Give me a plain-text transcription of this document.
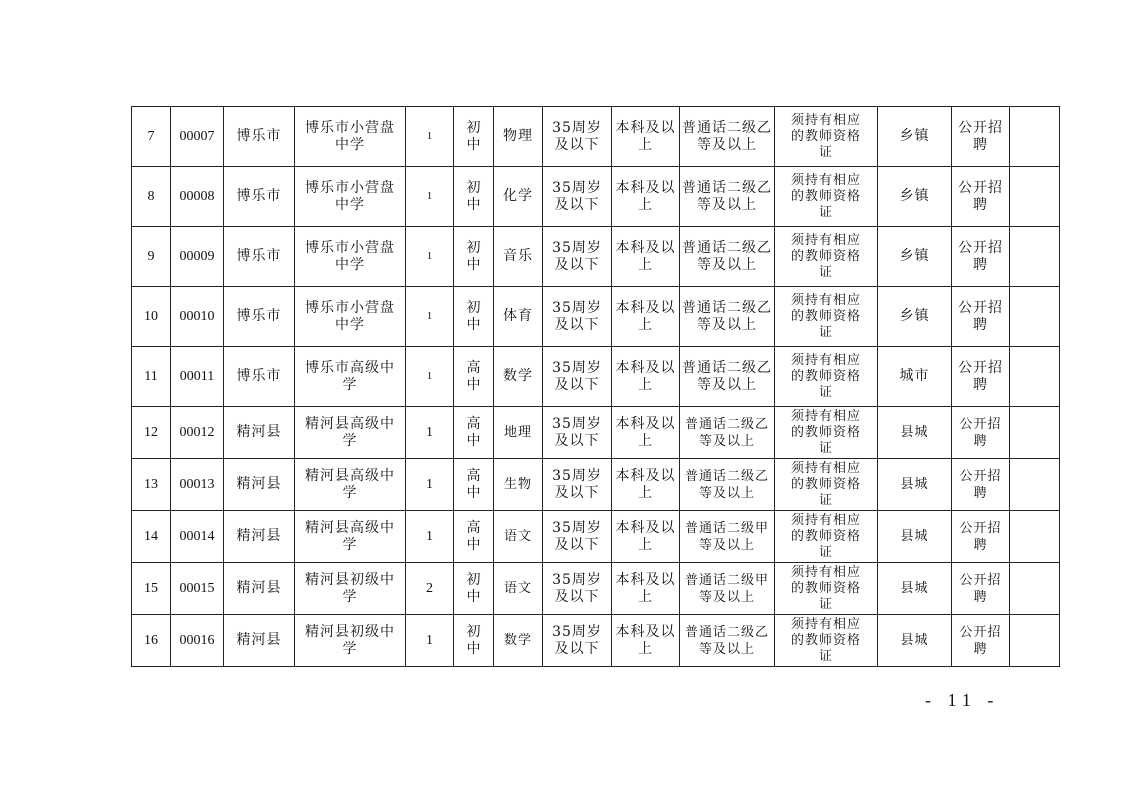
7	00007	博乐市	博乐市小营盘中学	1	初中	物理	35周岁及以下	本科及以上	普通话二级乙等及以上	须持有相应的教师资格证	乡镇	公开招聘	
8	00008	博乐市	博乐市小营盘中学	1	初中	化学	35周岁及以下	本科及以上	普通话二级乙等及以上	须持有相应的教师资格证	乡镇	公开招聘	
9	00009	博乐市	博乐市小营盘中学	1	初中	音乐	35周岁及以下	本科及以上	普通话二级乙等及以上	须持有相应的教师资格证	乡镇	公开招聘	
10	00010	博乐市	博乐市小营盘中学	1	初中	体育	35周岁及以下	本科及以上	普通话二级乙等及以上	须持有相应的教师资格证	乡镇	公开招聘	
11	00011	博乐市	博乐市高级中学	1	高中	数学	35周岁及以下	本科及以上	普通话二级乙等及以上	须持有相应的教师资格证	城市	公开招聘	
12	00012	精河县	精河县高级中学	1	高中	地理	35周岁及以下	本科及以上	普通话二级乙等及以上	须持有相应的教师资格证	县城	公开招聘	
13	00013	精河县	精河县高级中学	1	高中	生物	35周岁及以下	本科及以上	普通话二级乙等及以上	须持有相应的教师资格证	县城	公开招聘	
14	00014	精河县	精河县高级中学	1	高中	语文	35周岁及以下	本科及以上	普通话二级甲等及以上	须持有相应的教师资格证	县城	公开招聘	
15	00015	精河县	精河县初级中学	2	初中	语文	35周岁及以下	本科及以上	普通话二级甲等及以上	须持有相应的教师资格证	县城	公开招聘	
16	00016	精河县	精河县初级中学	1	初中	数学	35周岁及以下	本科及以上	普通话二级乙等及以上	须持有相应的教师资格证	县城	公开招聘	
- 11 -
